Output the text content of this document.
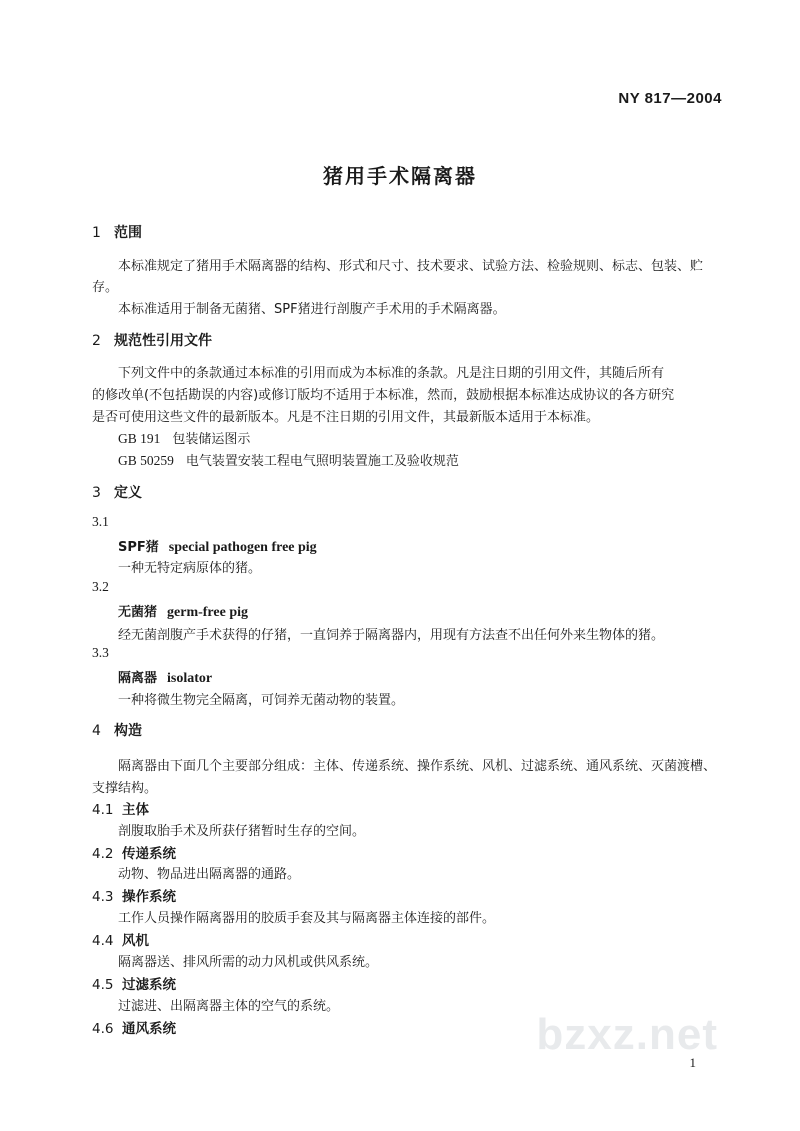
NY 817—2004
猪用手术隔离器
1 范围
本标准规定了猪用手术隔离器的结构、形式和尺寸、技术要求、试验方法、检验规则、标志、包装、贮
存。
本标准适用于制备无菌猪、SPF猪进行剖腹产手术用的手术隔离器。
2 规范性引用文件
下列文件中的条款通过本标准的引用而成为本标准的条款。凡是注日期的引用文件，其随后所有
的修改单(不包括勘误的内容)或修订版均不适用于本标准，然而，鼓励根据本标准达成协议的各方研究
是否可使用这些文件的最新版本。凡是不注日期的引用文件，其最新版本适用于本标准。
GB 191 包装储运图示
GB 50259 电气装置安装工程电气照明装置施工及验收规范
3 定义
3.1
SPF猪 special pathogen free pig
一种无特定病原体的猪。
3.2
无菌猪 germ-free pig
经无菌剖腹产手术获得的仔猪，一直饲养于隔离器内，用现有方法查不出任何外来生物体的猪。
3.3
隔离器 isolator
一种将微生物完全隔离，可饲养无菌动物的装置。
4 构造
隔离器由下面几个主要部分组成：主体、传递系统、操作系统、风机、过滤系统、通风系统、灭菌渡槽、
支撑结构。
4.1 主体
剖腹取胎手术及所获仔猪暂时生存的空间。
4.2 传递系统
动物、物品进出隔离器的通路。
4.3 操作系统
工作人员操作隔离器用的胶质手套及其与隔离器主体连接的部件。
4.4 风机
隔离器送、排风所需的动力风机或供风系统。
4.5 过滤系统
过滤进、出隔离器主体的空气的系统。
4.6 通风系统	bzxz.net
1
